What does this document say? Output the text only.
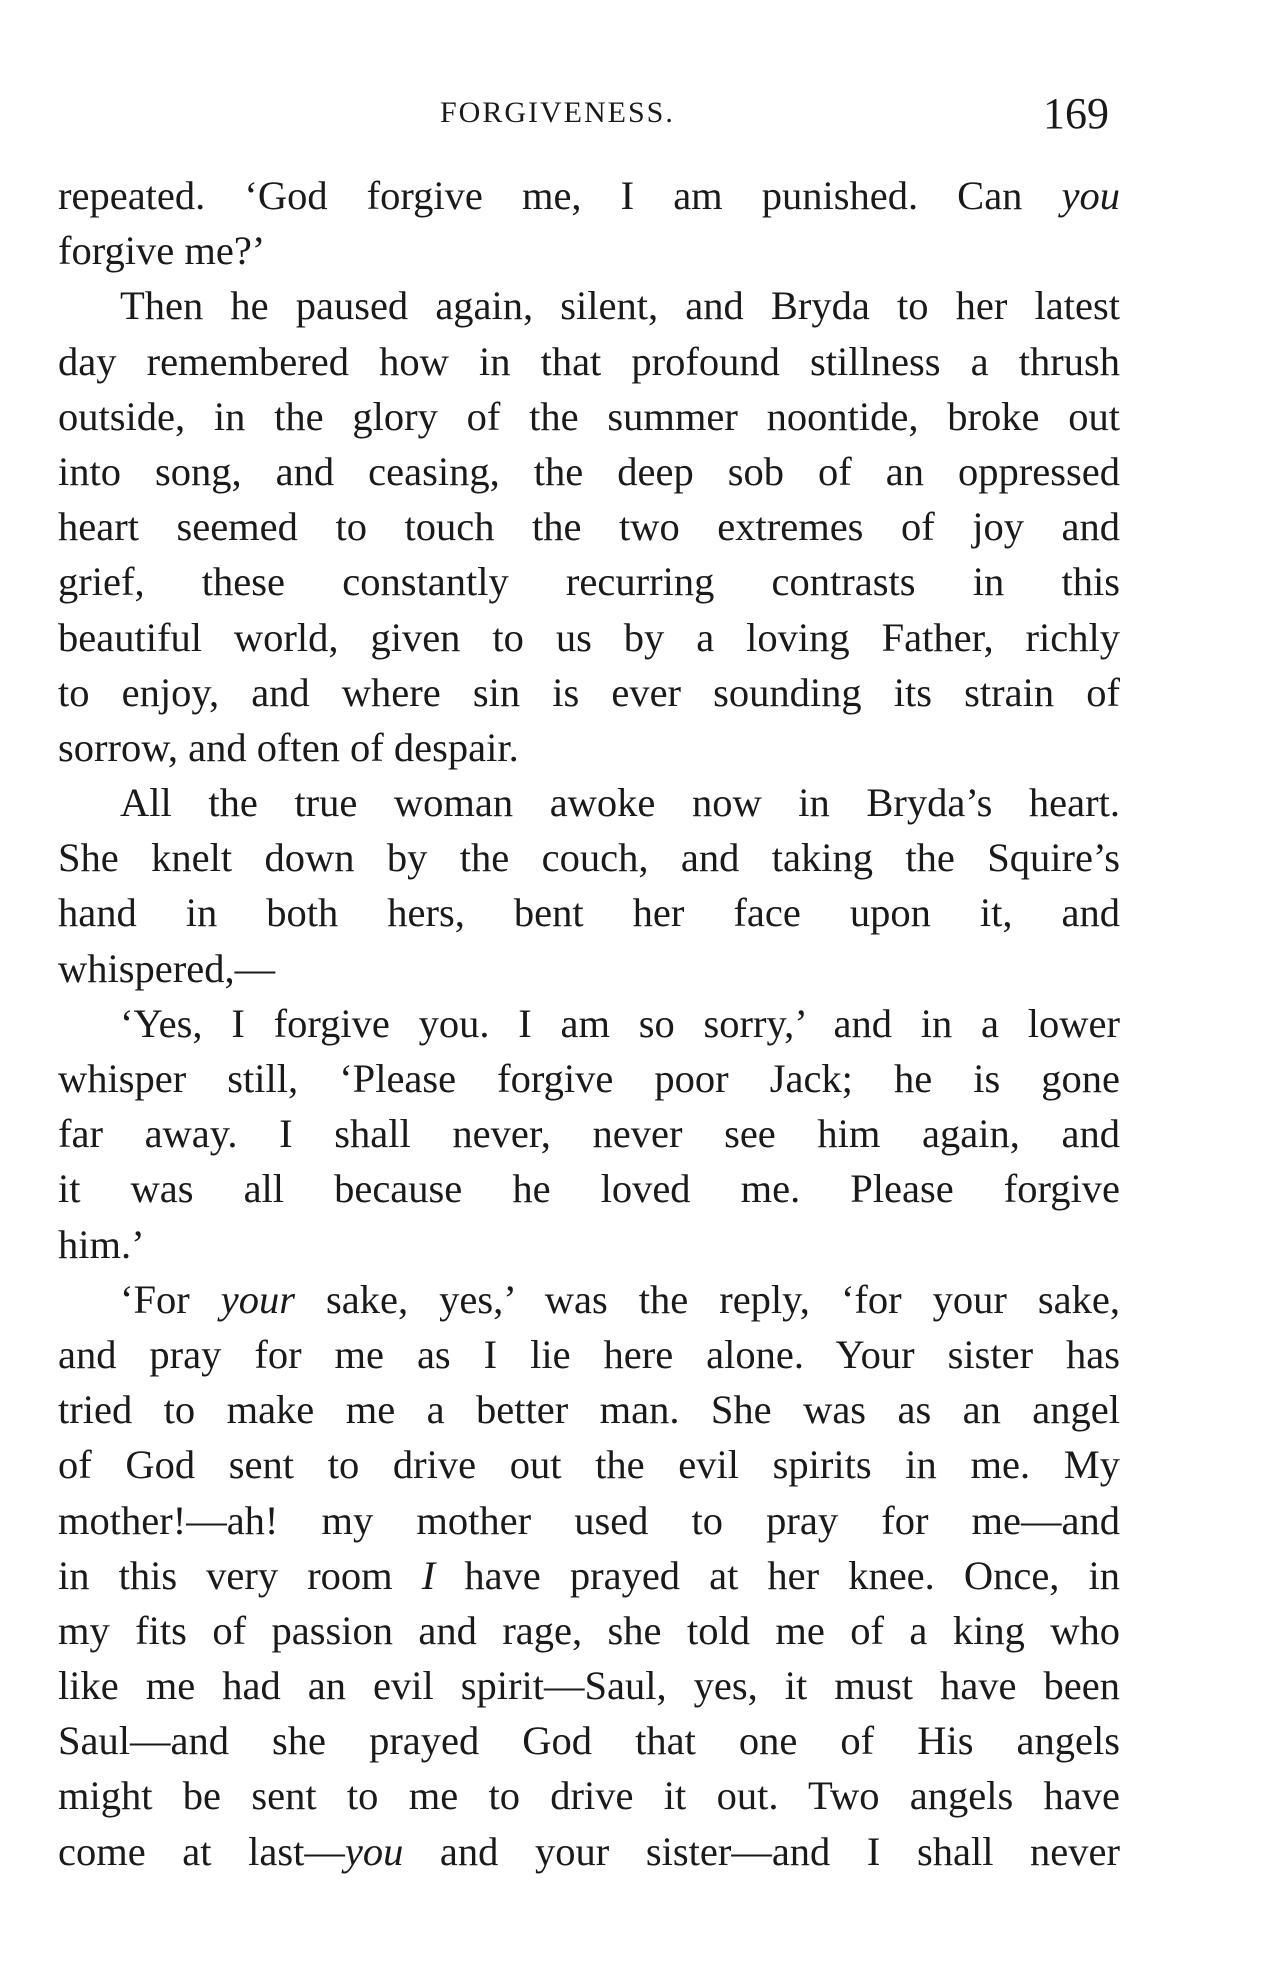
FORGIVENESS.	169
repeated. ‘God forgive me, I am punished. Can you
forgive me?’
Then he paused again, silent, and Bryda to her latest
day remembered how in that profound stillness a thrush
outside, in the glory of the summer noontide, broke out
into song, and ceasing, the deep sob of an oppressed
heart seemed to touch the two extremes of joy and
grief, these constantly recurring contrasts in this
beautiful world, given to us by a loving Father, richly
to enjoy, and where sin is ever sounding its strain of
sorrow, and often of despair.
All the true woman awoke now in Bryda’s heart.
She knelt down by the couch, and taking the Squire’s
hand in both hers, bent her face upon it, and
whispered,—
‘Yes, I forgive you. I am so sorry,’ and in a lower
whisper still, ‘Please forgive poor Jack; he is gone
far away. I shall never, never see him again, and
it was all because he loved me. Please forgive
him.’
‘For your sake, yes,’ was the reply, ‘for your sake,
and pray for me as I lie here alone. Your sister has
tried to make me a better man. She was as an angel
of God sent to drive out the evil spirits in me. My
mother!—ah! my mother used to pray for me—and
in this very room I have prayed at her knee. Once, in
my fits of passion and rage, she told me of a king who
like me had an evil spirit—Saul, yes, it must have been
Saul—and she prayed God that one of His angels
might be sent to me to drive it out. Two angels have
come at last—you and your sister—and I shall never
